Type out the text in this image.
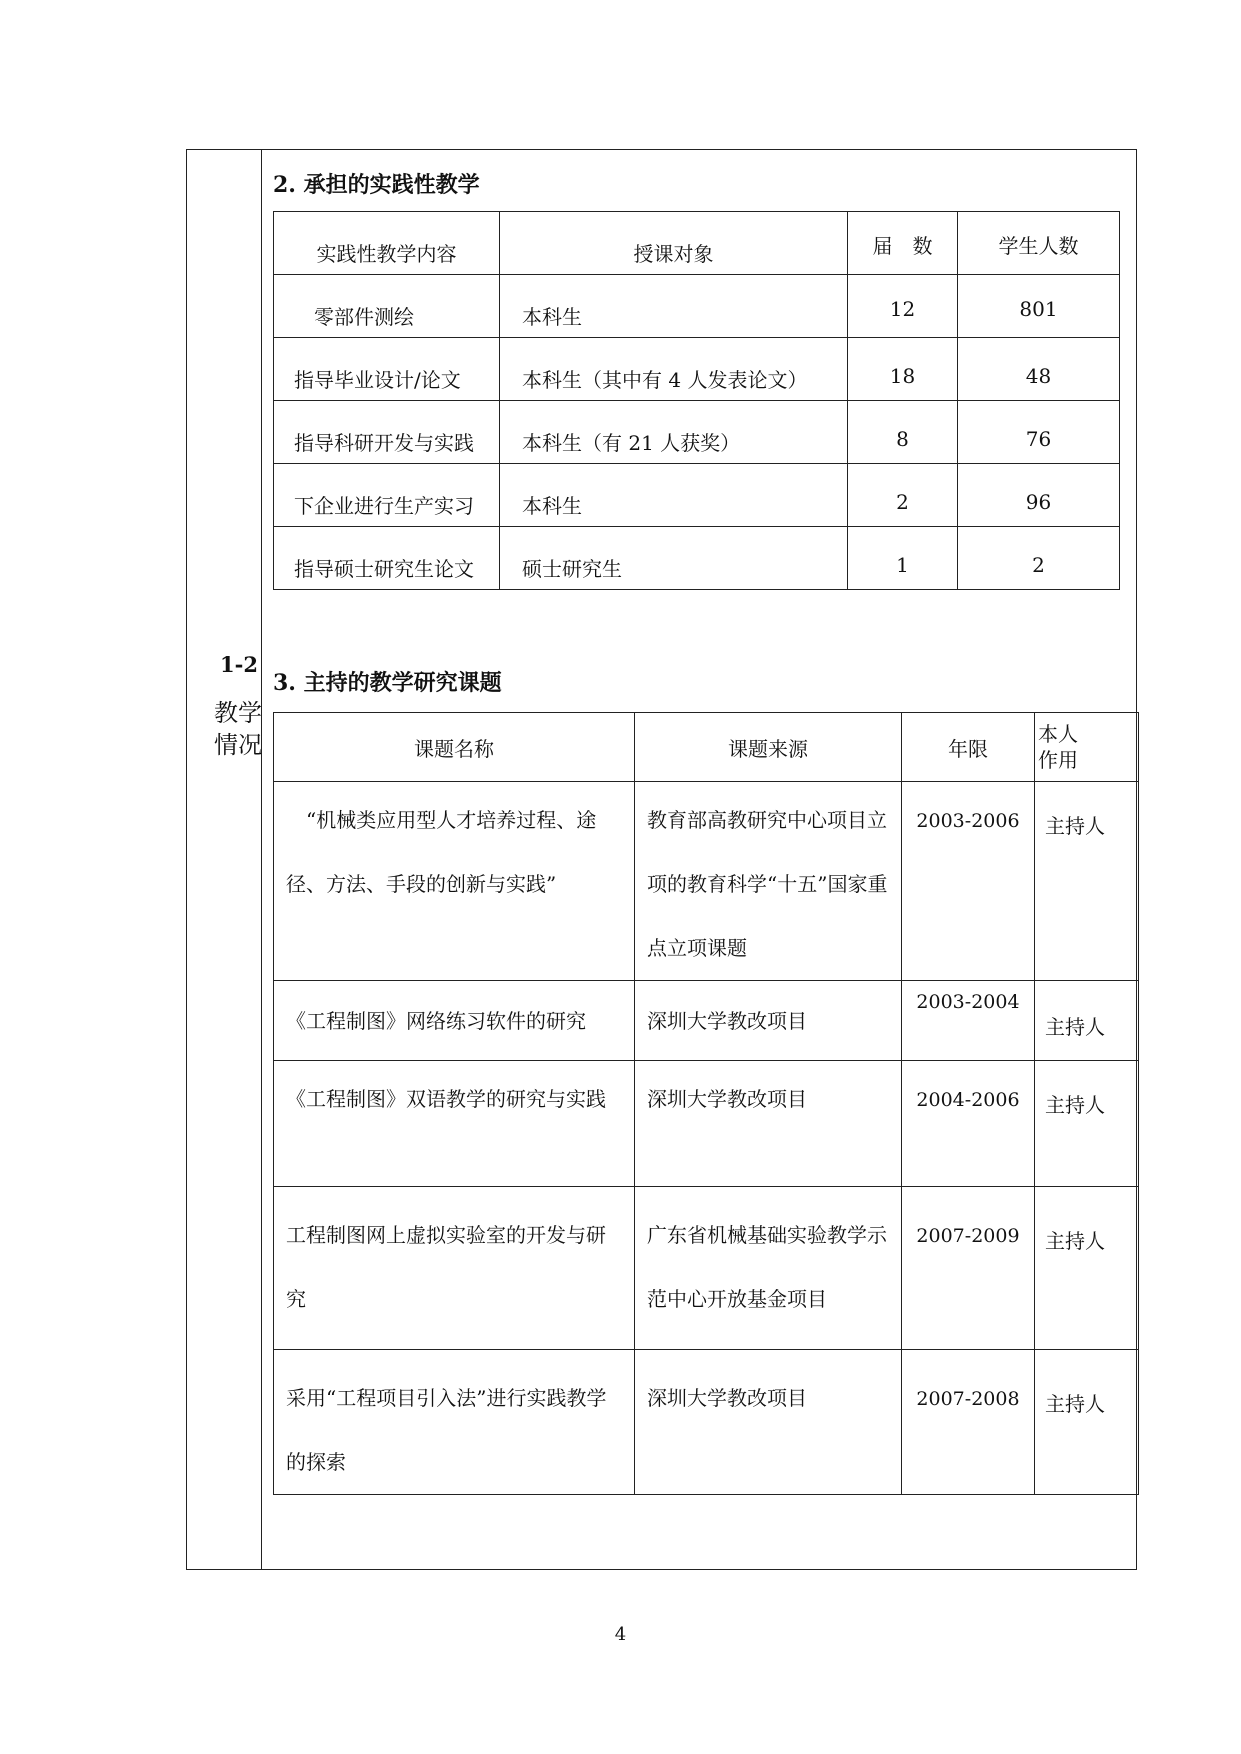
1-2
教学
情况
2. 承担的实践性教学
实践性教学内容	授课对象	届　数	学生人数
零部件测绘	本科生	12	801
指导毕业设计/论文	本科生（其中有 4 人发表论文）	18	48
指导科研开发与实践	本科生（有 21 人获奖）	8	76
下企业进行生产实习	本科生	2	96
指导硕士研究生论文	硕士研究生	1	2
3. 主持的教学研究课题
课题名称	课题来源	年限	本人
作用

“机械类应用型人才培养过程、途径、方法、手段的创新与实践”	教育部高教研究中心项目立项的教育科学“十五”国家重点立项课题	2003-2006	主持人
《工程制图》网络练习软件的研究	深圳大学教改项目	2003-2004	主持人
《工程制图》双语教学的研究与实践	深圳大学教改项目	2004-2006	主持人
工程制图网上虚拟实验室的开发与研究	广东省机械基础实验教学示范中心开放基金项目	2007-2009	主持人
采用“工程项目引入法”进行实践教学的探索	深圳大学教改项目	2007-2008	主持人
4
